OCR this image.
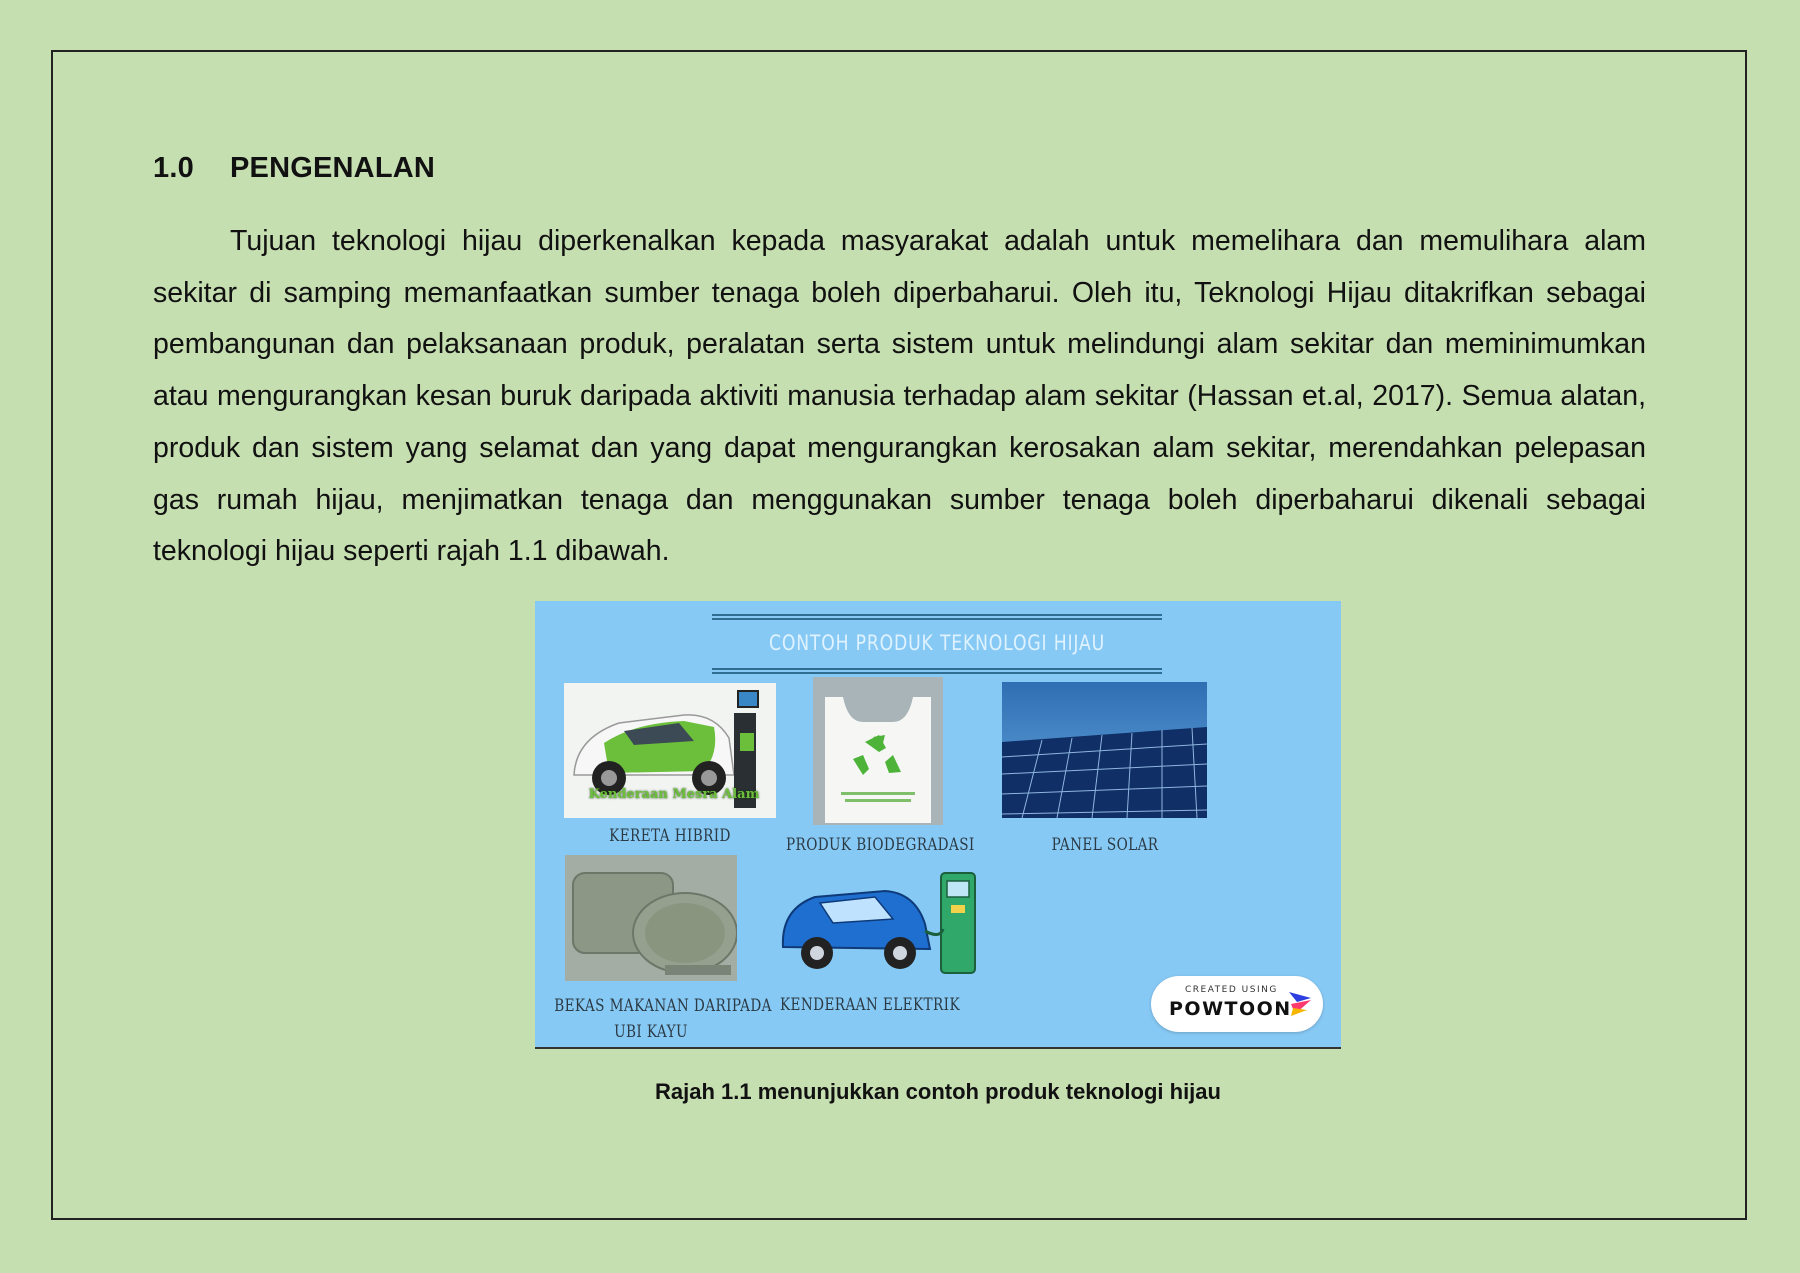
1.0 PENGENALAN

Tujuan teknologi hijau diperkenalkan kepada masyarakat adalah untuk memelihara dan memulihara alam sekitar di samping memanfaatkan sumber tenaga boleh diperbaharui. Oleh itu, Teknologi Hijau ditakrifkan sebagai pembangunan dan pelaksanaan produk, peralatan serta sistem untuk melindungi alam sekitar dan meminimumkan atau mengurangkan kesan buruk daripada aktiviti manusia terhadap alam sekitar (Hassan et.al, 2017). Semua alatan, produk dan sistem yang selamat dan yang dapat mengurangkan kerosakan alam sekitar, merendahkan pelepasan gas rumah hijau, menjimatkan tenaga dan menggunakan sumber tenaga boleh diperbaharui dikenali sebagai teknologi hijau seperti rajah 1.1 dibawah.

CONTOH PRODUK TEKNOLOGI HIJAU
Kenderaan Mesra Alam
KERETA HIBRID	PRODUK BIODEGRADASI	PANEL SOLAR
BEKAS MAKANAN DARIPADA
UBI KAYU
KENDERAAN ELEKTRIK
CREATED USING
POWTOON
Rajah 1.1 menunjukkan contoh produk teknologi hijau
